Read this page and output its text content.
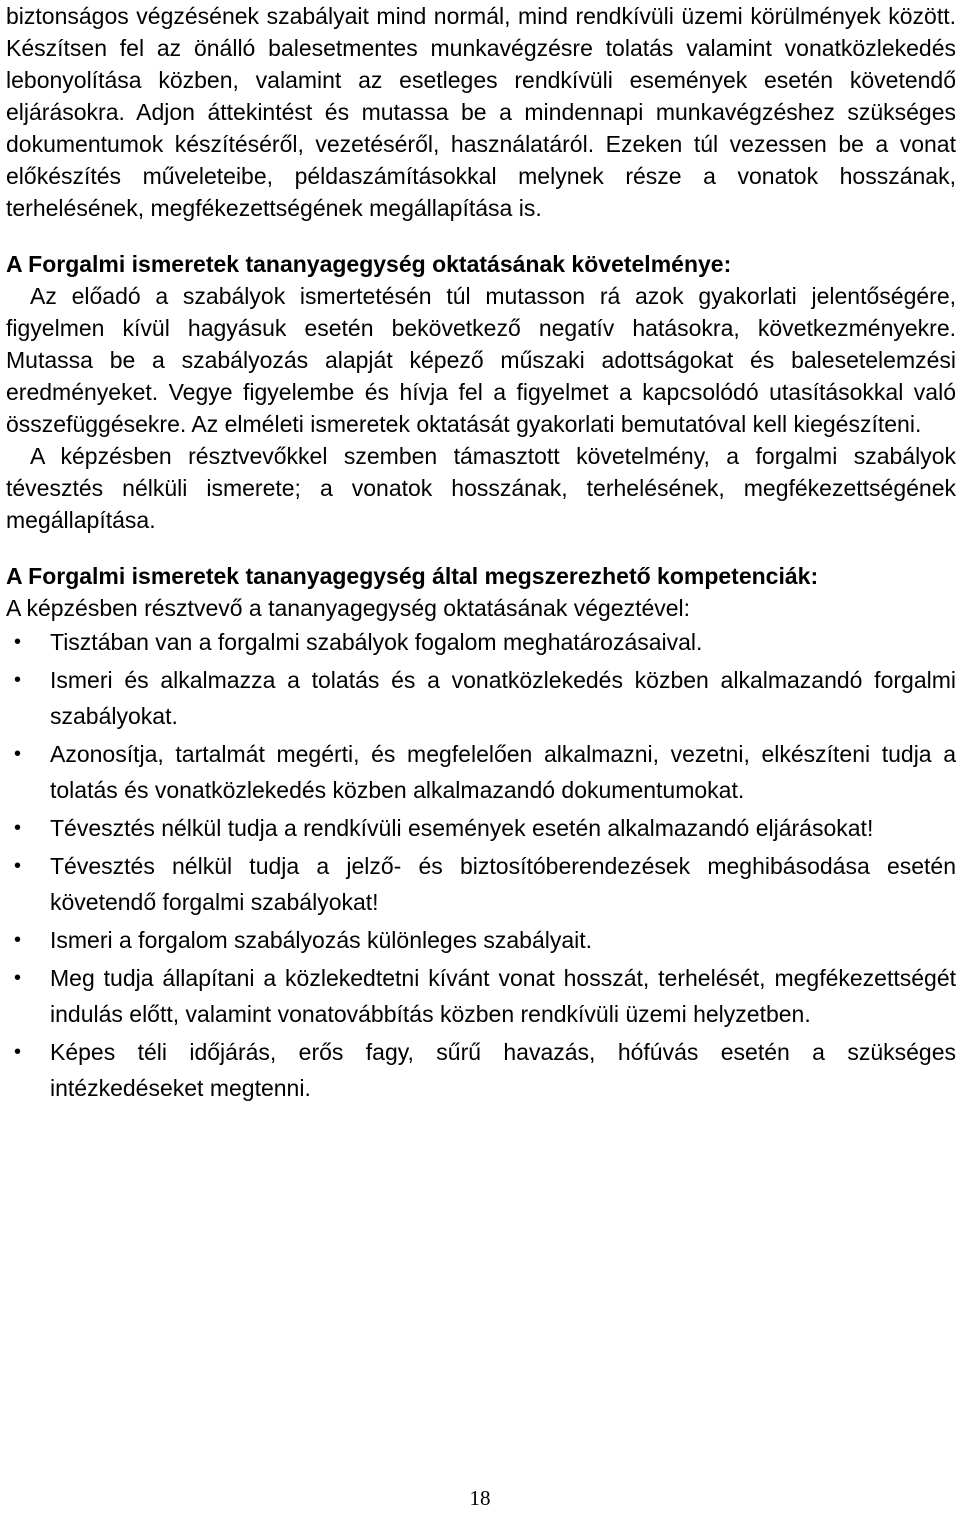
biztonságos végzésének szabályait mind normál, mind rendkívüli üzemi körülmények között. Készítsen fel az önálló balesetmentes munkavégzésre tolatás valamint vonatközlekedés lebonyolítása közben, valamint az esetleges rendkívüli események esetén követendő eljárásokra. Adjon áttekintést és mutassa be a mindennapi munkavégzéshez szükséges dokumentumok készítéséről, vezetéséről, használatáról. Ezeken túl vezessen be a vonat előkészítés műveleteibe, példaszámításokkal melynek része a vonatok hosszának, terhelésének, megfékezettségének megállapítása is.

A Forgalmi ismeretek tananyagegység oktatásának követelménye:

Az előadó a szabályok ismertetésén túl mutasson rá azok gyakorlati jelentőségére, figyelmen kívül hagyásuk esetén bekövetkező negatív hatásokra, következményekre. Mutassa be a szabályozás alapját képező műszaki adottságokat és balesetelemzési eredményeket. Vegye figyelembe és hívja fel a figyelmet a kapcsolódó utasításokkal való összefüggésekre. Az elméleti ismeretek oktatását gyakorlati bemutatóval kell kiegészíteni.

A képzésben résztvevőkkel szemben támasztott követelmény, a forgalmi szabályok tévesztés nélküli ismerete; a vonatok hosszának, terhelésének, megfékezettségének megállapítása.

A Forgalmi ismeretek tananyagegység által megszerezhető kompetenciák:

A képzésben résztvevő a tananyagegység oktatásának végeztével:

• Tisztában van a forgalmi szabályok fogalom meghatározásaival.
• Ismeri és alkalmazza a tolatás és a vonatközlekedés közben alkalmazandó forgalmi szabályokat.
• Azonosítja, tartalmát megérti, és megfelelően alkalmazni, vezetni, elkészíteni tudja a tolatás és vonatközlekedés közben alkalmazandó dokumentumokat.
• Tévesztés nélkül tudja a rendkívüli események esetén alkalmazandó eljárásokat!
• Tévesztés nélkül tudja a jelző- és biztosítóberendezések meghibásodása esetén követendő forgalmi szabályokat!
• Ismeri a forgalom szabályozás különleges szabályait.
• Meg tudja állapítani a közlekedtetni kívánt vonat hosszát, terhelését, megfékezettségét indulás előtt, valamint vonatovábbítás közben rendkívüli üzemi helyzetben.
• Képes téli időjárás, erős fagy, sűrű havazás, hófúvás esetén a szükséges intézkedéseket megtenni.
18
